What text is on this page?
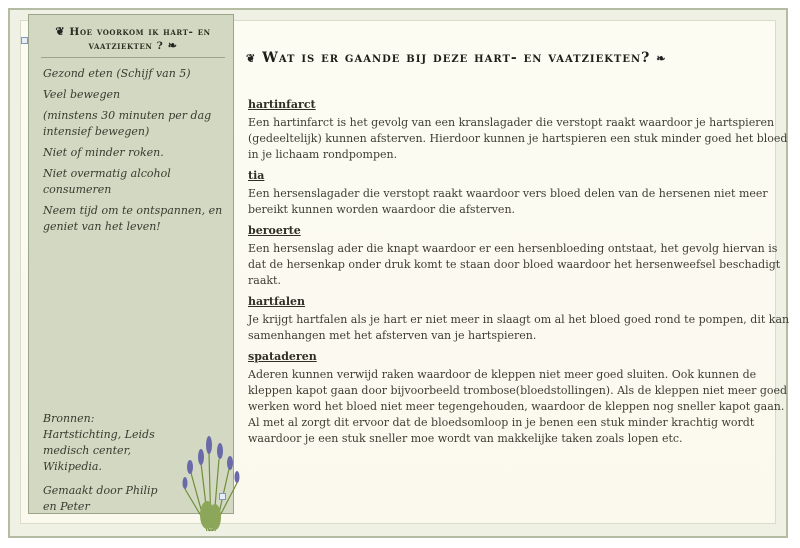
❦ Hoe voorkom ik hart- en vaatziekten ? ❧
Gezond eten (Schijf van 5)
Veel bewegen
(minstens 30 minuten per dag intensief bewegen)
Niet of minder roken.
Niet overmatig alcohol consumeren
Neem tijd om te ontspannen, en geniet van het leven!
Bronnen: Hartstichting, Leids medisch center, Wikipedia.
Gemaakt door Philip en Peter
❦ Wat is er gaande bij deze hart- en vaatziekten? ❧
hartinfarct
Een hartinfarct is het gevolg van een kranslagader die verstopt raakt waardoor je hartspieren (gedeeltelijk) kunnen afsterven. Hierdoor kunnen je hartspieren een stuk minder goed het bloed in je lichaam rondpompen.
tia
Een hersenslagader die verstopt raakt waardoor vers bloed delen van de hersenen niet meer bereikt kunnen worden waardoor die afsterven.
beroerte
Een hersenslag ader die knapt waardoor er een hersenbloeding ontstaat, het gevolg hiervan is dat de hersenkap onder druk komt te staan door bloed waardoor het hersenweefsel beschadigt raakt.
hartfalen
Je krijgt hartfalen als je hart er niet meer in slaagt om al het bloed goed rond te pompen, dit kan samenhangen met het afsterven van je hartspieren.
spataderen
Aderen kunnen verwijd raken waardoor de kleppen niet meer goed sluiten. Ook kunnen de kleppen kapot gaan door bijvoorbeeld trombose(bloedstollingen). Als de kleppen niet meer goed werken word het bloed niet meer tegengehouden, waardoor de kleppen nog sneller kapot gaan. Al met al zorgt dit ervoor dat de bloedsomloop in je benen een stuk minder krachtig wordt waardoor je een stuk sneller moe wordt van makkelijke taken zoals lopen etc.
